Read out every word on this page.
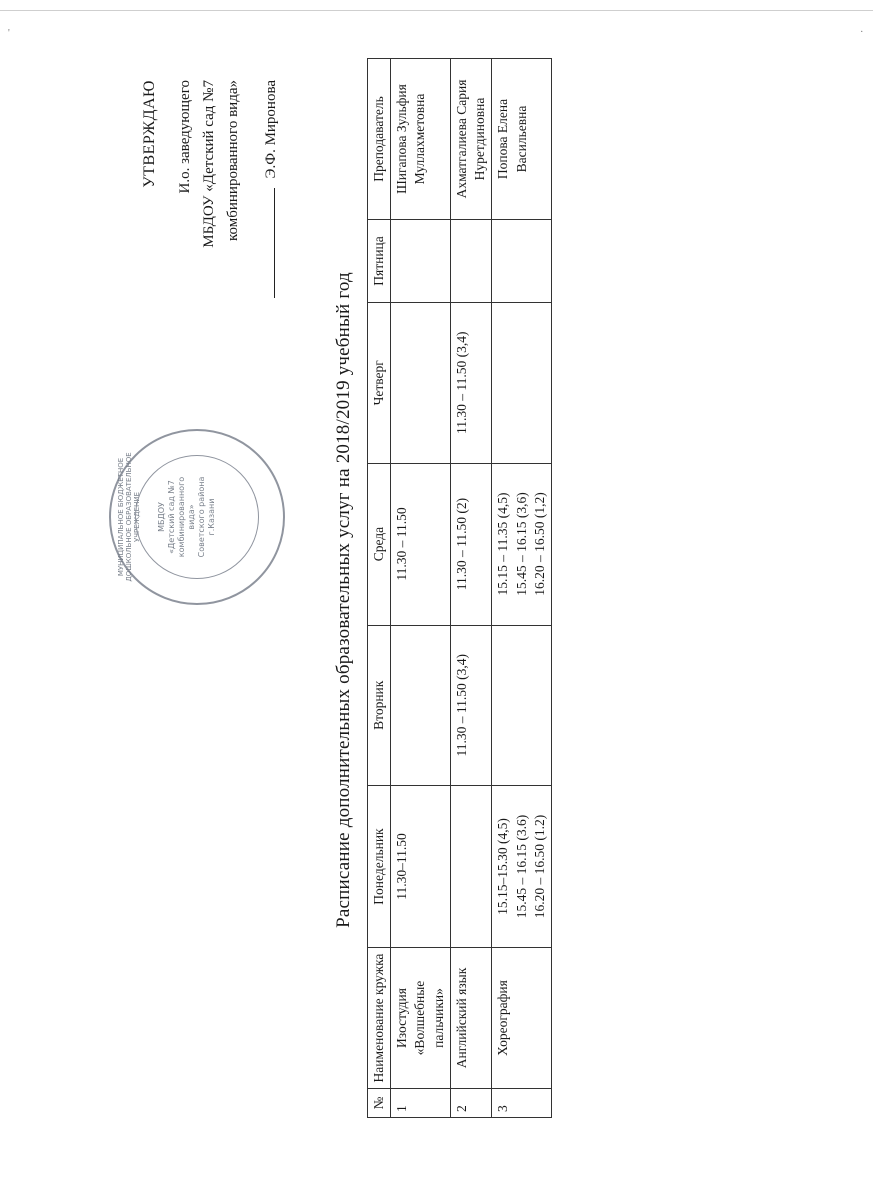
'	.
УТВЕРЖДАЮ	И.о. заведующего МБДОУ «Детский сад №7 комбинированного вида» Э.Ф. Миронова
МУНИЦИПАЛЬНОЕ БЮДЖЕТНОЕ ДОШКОЛЬНОЕ ОБРАЗОВАТЕЛЬНОЕ УЧРЕЖДЕНИЕ МБДОУ
«Детский сад №7
комбинированного
вида»
Советского района
г.Казани	Расписание дополнительных образовательных услуг на 2018/2019 учебный год
№	Наименование кружка	Понедельник	Вторник	Среда	Четверг	Пятница	Преподаватель
1	Изостудия «Волшебные пальчики»	11.30–11.50		11.30 – 11.50			Шигапова Зульфия Муллахметовна
2	Английский язык		11.30 – 11.50 (3,4)	11.30 – 11.50 (2)	11.30 – 11.50 (3,4)		Ахматгалиева Сария Нуретдиновна
3	Хореография	15.15–15.30 (4,5) 15.45 – 16.15 (3.6) 16.20 – 16.50 (1.2)		15.15 – 11.35 (4,5) 15.45 – 16.15 (3,6) 16.20 – 16.50 (1,2)			Попова Елена Васильевна
